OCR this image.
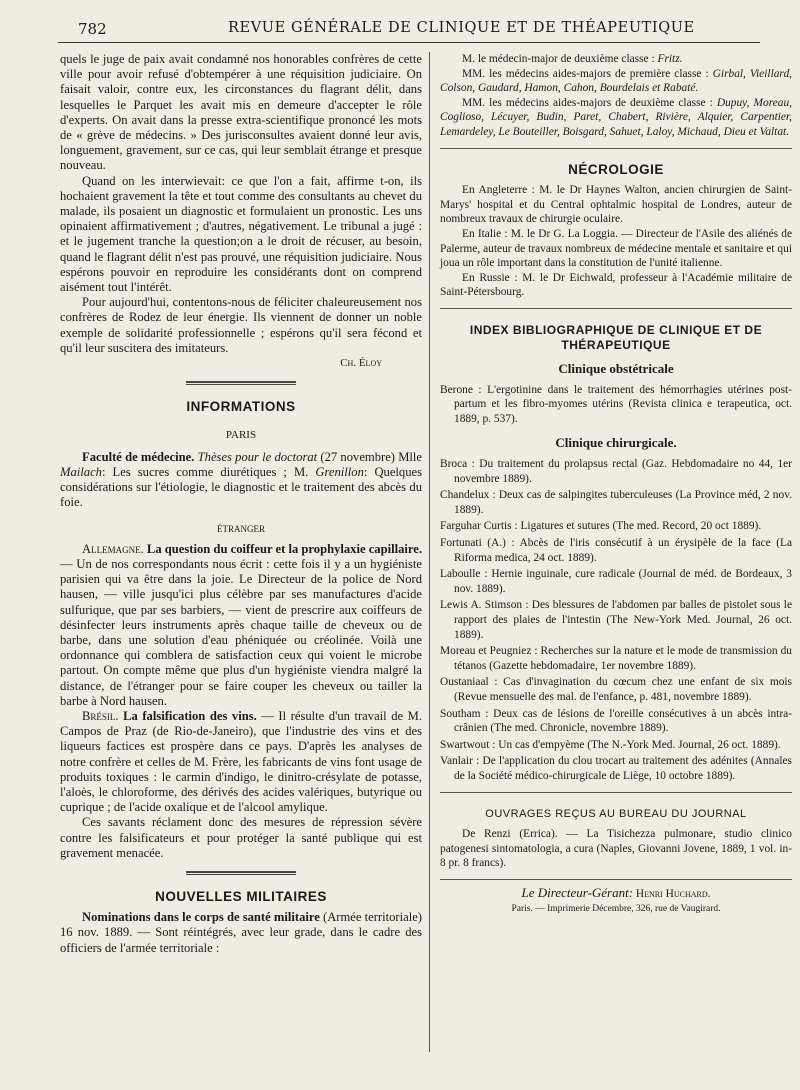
782	REVUE GÉNÉRALE DE CLINIQUE ET DE THÉAPEUTIQUE

quels le juge de paix avait condamné nos honorables confrères de cette ville pour avoir refusé d'obtempérer à une réquisition judiciaire. On faisait valoir, contre eux, les circonstances du flagrant délit, dans lesquelles le Parquet les avait mis en demeure d'accepter le rôle d'experts. On avait dans la presse extra-scientifique prononcé les mots de « grève de médecins. » Des jurisconsultes avaient donné leur avis, longuement, gravement, sur ce cas, qui leur semblait étrange et presque nouveau.

Quand on les interwievait: ce que l'on a fait, affirme t-on, ils hochaient gravement la tête et tout comme des consultants au chevet du malade, ils posaient un diagnostic et formulaient un pronostic. Les uns opinaient affirmativement ; d'autres, négativement. Le tribunal a jugé : et le jugement tranche la question;on a le droit de récuser, au besoin, quand le flagrant délit n'est pas prouvé, une réquisition judiciaire. Nous espérons pouvoir en reproduire les considérants dont on comprend aisément tout l'intérêt.

Pour aujourd'hui, contentons-nous de féliciter chaleureusement nos confrères de Rodez de leur énergie. Ils viennent de donner un noble exemple de solidarité professionnelle ; espérons qu'il sera fécond et qu'il leur suscitera des imitateurs.

Ch. Éloy

INFORMATIONS
PARIS

Faculté de médecine. Thèses pour le doctorat (27 novembre) Mlle Mailach: Les sucres comme diurétiques ; M. Grenillon: Quelques considérations sur l'étiologie, le diagnostic et le traitement des abcès du foie.

ÉTRANGER

Allemagne. La question du coiffeur et la prophylaxie capillaire. — Un de nos correspondants nous écrit : cette fois il y a un hygiéniste parisien qui va être dans la joie. Le Directeur de la police de Nord hausen, — ville jusqu'ici plus célèbre par ses manufactures d'acide sulfurique, que par ses barbiers, — vient de prescrire aux coiffeurs de désinfecter leurs instruments après chaque taille de cheveux ou de barbe, dans une solution d'eau phéniquée ou créolinée. Voilà une ordonnance qui comblera de satisfaction ceux qui voient le microbe partout. On compte même que plus d'un hygiéniste viendra malgré la distance, de l'étranger pour se faire couper les cheveux ou tailler la barbe à Nord hausen.

Brésil. La falsification des vins. — Il résulte d'un travail de M. Campos de Praz (de Rio-de-Janeiro), que l'industrie des vins et des liqueurs factices est prospère dans ce pays. D'après les analyses de notre confrère et celles de M. Frère, les fabricants de vins font usage de produits toxiques : le carmin d'indigo, le dinitro-crésylate de potasse, l'aloès, le chloroforme, des dérivés des acides valériques, butyrique ou cuprique ; de l'acide oxalique et de l'alcool amylique.

Ces savants réclament donc des mesures de répression sévère contre les falsificateurs et pour protéger la santé publique qui est gravement menacée.

NOUVELLES MILITAIRES

Nominations dans le corps de santé militaire (Armée territoriale) 16 nov. 1889. — Sont réintégrés, avec leur grade, dans le cadre des officiers de l'armée territoriale :

M. le médecin-major de deuxième classe : Fritz.

MM. les médecins aides-majors de première classe : Girbal, Vieillard, Colson, Gaudard, Hamon, Cahon, Bourdelais et Rabaté.

MM. les médecins aides-majors de deuxième classe : Dupuy, Moreau, Coglioso, Lécuyer, Budin, Paret, Chabert, Rivière, Alquier, Carpentier, Lemardeley, Le Bouteiller, Boisgard, Sahuet, Laloy, Michaud, Dieu et Valtat.

NÉCROLOGIE

En Angleterre : M. le Dr Haynes Walton, ancien chirurgien de Saint-Marys' hospital et du Central ophtalmic hospital de Londres, auteur de nombreux travaux de chirurgie oculaire.

En Italie : M. le Dr G. La Loggia. — Directeur de l'Asile des aliénés de Palerme, auteur de travaux nombreux de médecine mentale et sanitaire et qui joua un rôle important dans la constitution de l'unité italienne.

En Russie : M. le Dr Eichwald, professeur à l'Académie militaire de Saint-Pétersbourg.

INDEX BIBLIOGRAPHIQUE DE CLINIQUE ET DE THÉRAPEUTIQUE
Clinique obstétricale

Berone : L'ergotinine dans le traitement des hémorrhagies utérines post-partum et les fibro-myomes utérins (Revista clinica e terapeutica, oct. 1889, p. 537).

Clinique chirurgicale.

Broca : Du traitement du prolapsus rectal (Gaz. Hebdomadaire no 44, 1er novembre 1889).

Chandelux : Deux cas de salpingites tuberculeuses (La Province méd, 2 nov. 1889).

Farguhar Curtis : Ligatures et sutures (The med. Record, 20 oct 1889).

Fortunati (A.) : Abcès de l'iris consécutif à un érysipèle de la face (La Riforma medica, 24 oct. 1889).

Laboulle : Hernie inguinale, cure radicale (Journal de méd. de Bordeaux, 3 nov. 1889).

Lewis A. Stimson : Des blessures de l'abdomen par balles de pistolet sous le rapport des plaies de l'intestin (The New-York Med. Journal, 26 oct. 1889).

Moreau et Peugniez : Recherches sur la nature et le mode de transmission du tétanos (Gazette hebdomadaire, 1er novembre 1889).

Oustaniaal : Cas d'invagination du cœcum chez une enfant de six mois (Revue mensuelle des mal. de l'enfance, p. 481, novembre 1889).

Southam : Deux cas de lésions de l'oreille consécutives à un abcès intra-crânien (The med. Chronicle, novembre 1889).

Swartwout : Un cas d'empyème (The N.-York Med. Journal, 26 oct. 1889).

Vanlair : De l'application du clou trocart au traitement des adénites (Annales de la Société médico-chirurgicale de Liège, 10 octobre 1889).

OUVRAGES REÇUS AU BUREAU DU JOURNAL

De Renzi (Errica). — La Tisichezza pulmonare, studio clinico patogenesi sintomatologia, a cura (Naples, Giovanni Jovene, 1889, 1 vol. in-8 pr. 8 francs).

Le Directeur-Gérant: Henri Huchard.
Paris. — Imprimerie Décembre, 326, rue de Vaugirard.
